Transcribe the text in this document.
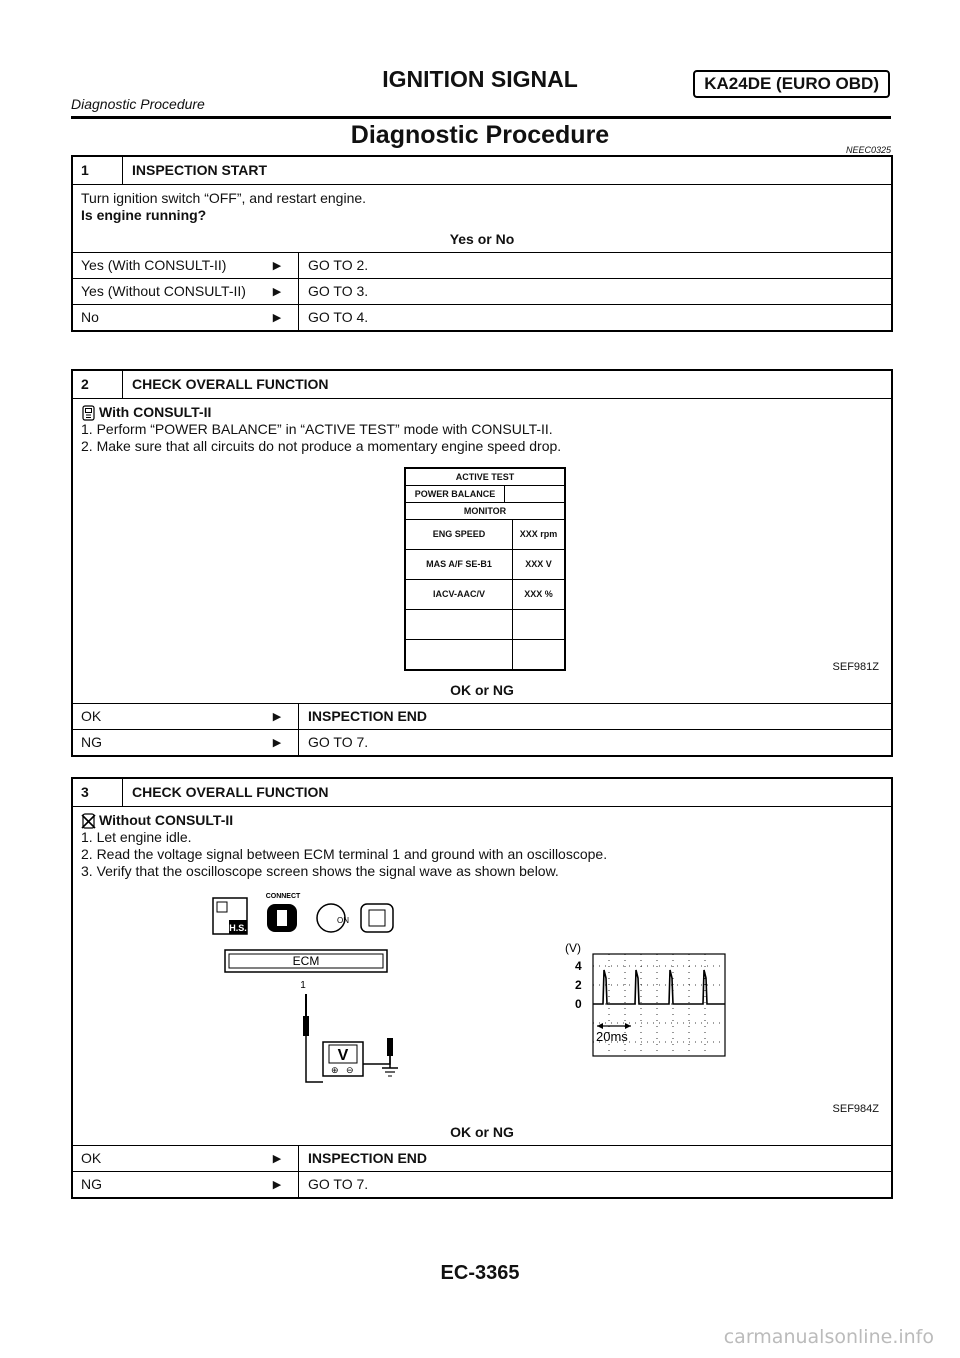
IGNITION SIGNAL	KA24DE (EURO OBD)
Diagnostic Procedure
Diagnostic Procedure
NEEC0325
1	INSPECTION START
Turn ignition switch “OFF”, and restart engine.
Is engine running?
Yes or No
Yes (With CONSULT-II)	▶	GO TO 2.
Yes (Without CONSULT-II)	▶	GO TO 3.
No	▶	GO TO 4.
2	CHECK OVERALL FUNCTION
With CONSULT-II
1. Perform “POWER BALANCE” in “ACTIVE TEST” mode with CONSULT-II.
2. Make sure that all circuits do not produce a momentary engine speed drop.
ACTIVE TEST
POWER BALANCE
MONITOR
ENG SPEED	XXX rpm
MAS A/F SE-B1	XXX V
IACV-AAC/V	XXX %
SEF981Z
OK or NG
OK	▶	INSPECTION END
NG	▶	GO TO 7.
3	CHECK OVERALL FUNCTION
Without CONSULT-II
1. Let engine idle.
2. Read the voltage signal between ECM terminal 1 and ground with an oscilloscope.
3. Verify that the oscilloscope screen shows the signal wave as shown below.
H.S.
CONNECT
ON
ECM
1
V
⊕ ⊖
(V)
4
2
0
20ms
SEF984Z
OK or NG
OK	▶	INSPECTION END
NG	▶	GO TO 7.
EC-3365
carmanualsonline.info
